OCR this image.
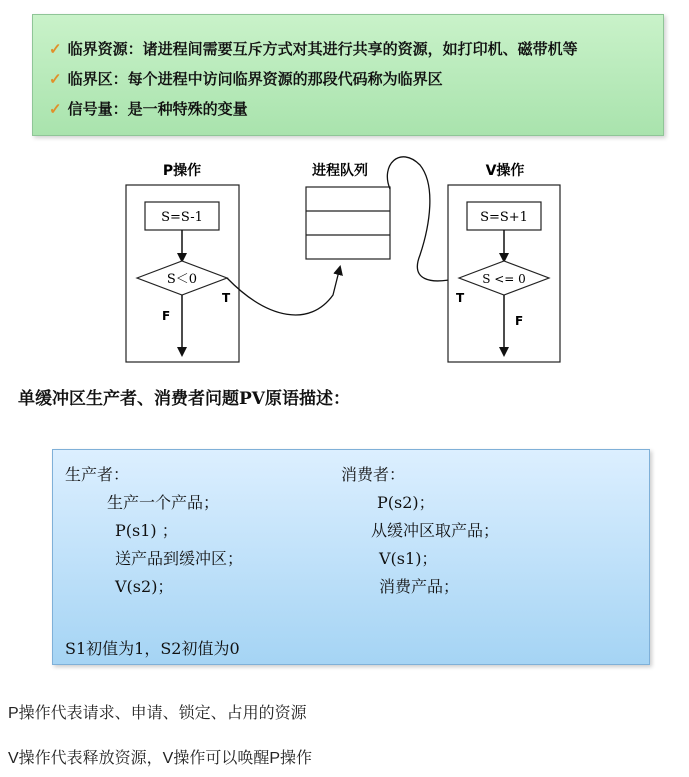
✓ 临界资源：诸进程间需要互斥方式对其进行共享的资源，如打印机、磁带机等
✓ 临界区：每个进程中访问临界资源的那段代码称为临界区
✓ 信号量：是一种特殊的变量
P操作
S=S-1
S＜0
T
F
进程队列	V操作
S=S+1
S <= 0
T
F
单缓冲区生产者、消费者问题PV原语描述：
生产者：
生产一个产品；
P(s1) ；
送产品到缓冲区；
V(s2)；
消费者：
P(s2)；
从缓冲区取产品；
V(s1)；
消费产品；
S1初值为1，S2初值为0
P操作代表请求、申请、锁定、占用的资源
V操作代表释放资源，V操作可以唤醒P操作
